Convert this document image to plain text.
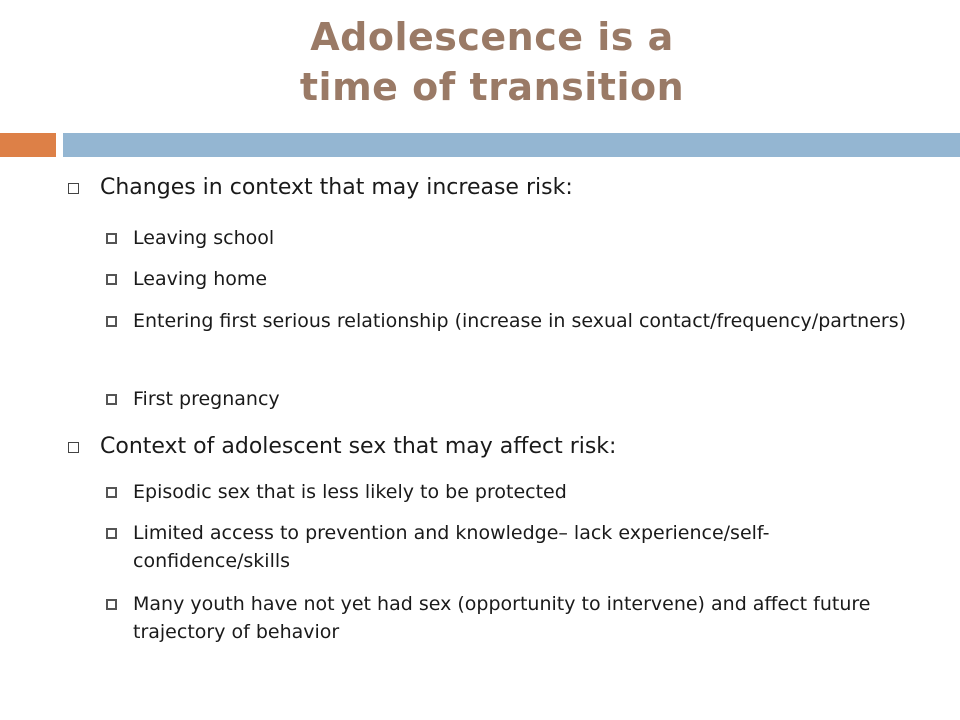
Adolescence is a
time of transition
Changes in context that may increase risk:
Leaving school
Leaving home
Entering first serious relationship (increase in sexual contact/frequency/partners)
First pregnancy
Context of adolescent sex that may affect risk:
Episodic sex that is less likely to be protected
Limited access to prevention and knowledge– lack experience/self-confidence/skills
Many youth have not yet had sex (opportunity to intervene) and affect future trajectory of behavior
